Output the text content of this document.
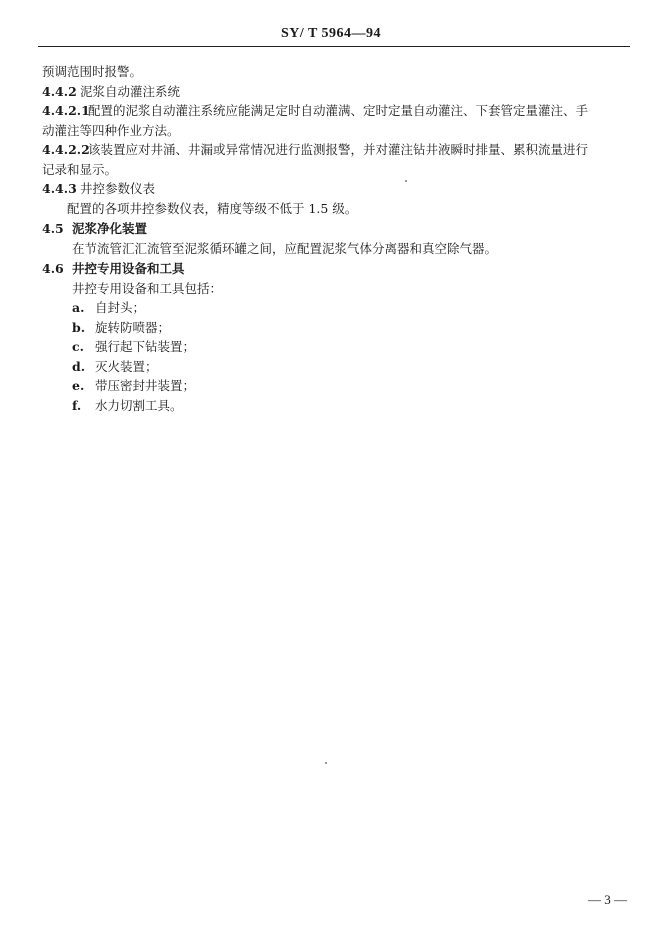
SY/ T 5964—94
预调范围时报警。
4.4.2 泥浆自动灌注系统
4.4.2.1配置的泥浆自动灌注系统应能满足定时自动灌满、定时定量自动灌注、下套管定量灌注、手
动灌注等四种作业方法。
4.4.2.2该装置应对井涌、井漏或异常情况进行监测报警，并对灌注钻井液瞬时排量、累积流量进行
记录和显示。
4.4.3 井控参数仪表
配置的各项井控参数仪表，精度等级不低于 1.5 级。
4.5 泥浆净化装置
在节流管汇汇流管至泥浆循环罐之间，应配置泥浆气体分离器和真空除气器。
4.6 井控专用设备和工具
井控专用设备和工具包括：
a. 自封头；
b. 旋转防喷器；
c. 强行起下钻装置；
d. 灭火装置；
e. 带压密封井装置；
f. 水力切割工具。
— 3 —
